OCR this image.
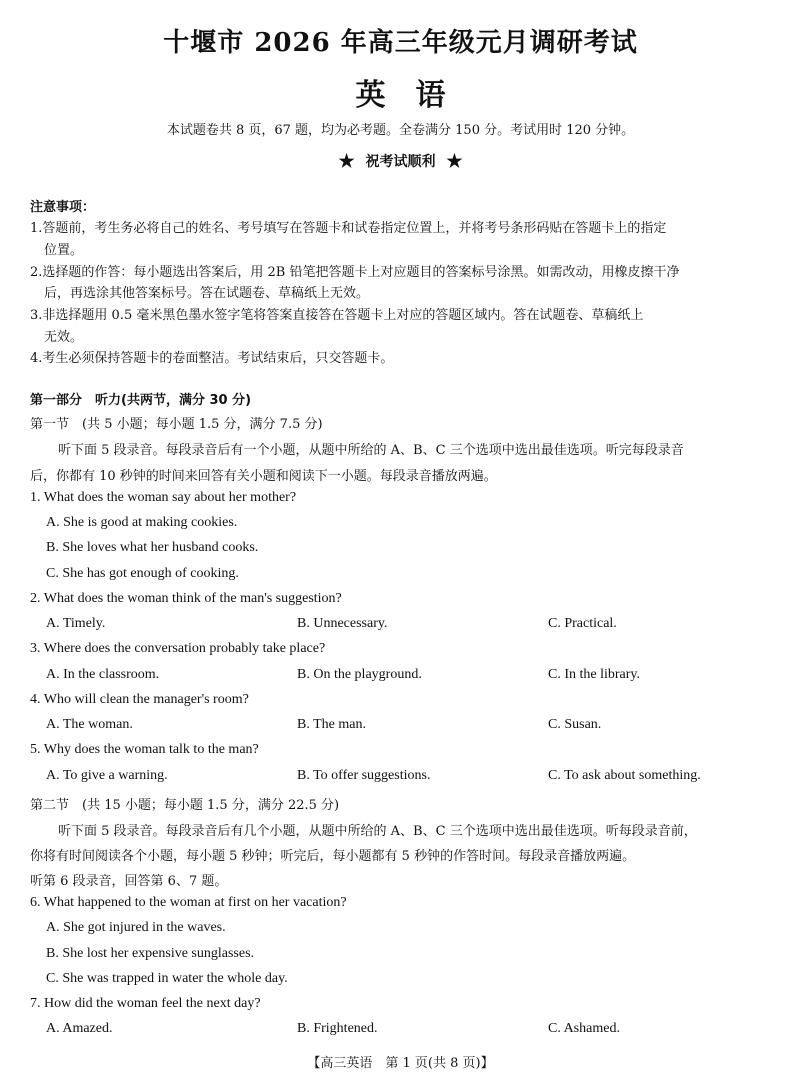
十堰市 2026 年高三年级元月调研考试
英语
本试题卷共 8 页，67 题，均为必考题。全卷满分 150 分。考试用时 120 分钟。
★ 祝考试顺利 ★
注意事项：
1.答题前，考生务必将自己的姓名、考号填写在答题卡和试卷指定位置上，并将考号条形码贴在答题卡上的指定
位置。
2.选择题的作答：每小题选出答案后，用 2B 铅笔把答题卡上对应题目的答案标号涂黑。如需改动，用橡皮擦干净
后，再选涂其他答案标号。答在试题卷、草稿纸上无效。
3.非选择题用 0.5 毫米黑色墨水签字笔将答案直接答在答题卡上对应的答题区域内。答在试题卷、草稿纸上
无效。
4.考生必须保持答题卡的卷面整洁。考试结束后，只交答题卡。
第一部分　听力(共两节，满分 30 分)
第一节　(共 5 小题；每小题 1.5 分，满分 7.5 分)
听下面 5 段录音。每段录音后有一个小题，从题中所给的 A、B、C 三个选项中选出最佳选项。听完每段录音
后，你都有 10 秒钟的时间来回答有关小题和阅读下一小题。每段录音播放两遍。
1. What does the woman say about her mother?
A. She is good at making cookies.
B. She loves what her husband cooks.
C. She has got enough of cooking.
2. What does the woman think of the man's suggestion?
A. Timely.	B. Unnecessary.	C. Practical.
3. Where does the conversation probably take place?
A. In the classroom.	B. On the playground.	C. In the library.
4. Who will clean the manager's room?
A. The woman.	B. The man.	C. Susan.
5. Why does the woman talk to the man?
A. To give a warning.	B. To offer suggestions.	C. To ask about something.
第二节　(共 15 小题；每小题 1.5 分，满分 22.5 分)
听下面 5 段录音。每段录音后有几个小题，从题中所给的 A、B、C 三个选项中选出最佳选项。听每段录音前，
你将有时间阅读各个小题，每小题 5 秒钟；听完后，每小题都有 5 秒钟的作答时间。每段录音播放两遍。
听第 6 段录音，回答第 6、7 题。
6. What happened to the woman at first on her vacation?
A. She got injured in the waves.
B. She lost her expensive sunglasses.
C. She was trapped in water the whole day.
7. How did the woman feel the next day?
A. Amazed.	B. Frightened.	C. Ashamed.
【高三英语　第 1 页(共 8 页)】
